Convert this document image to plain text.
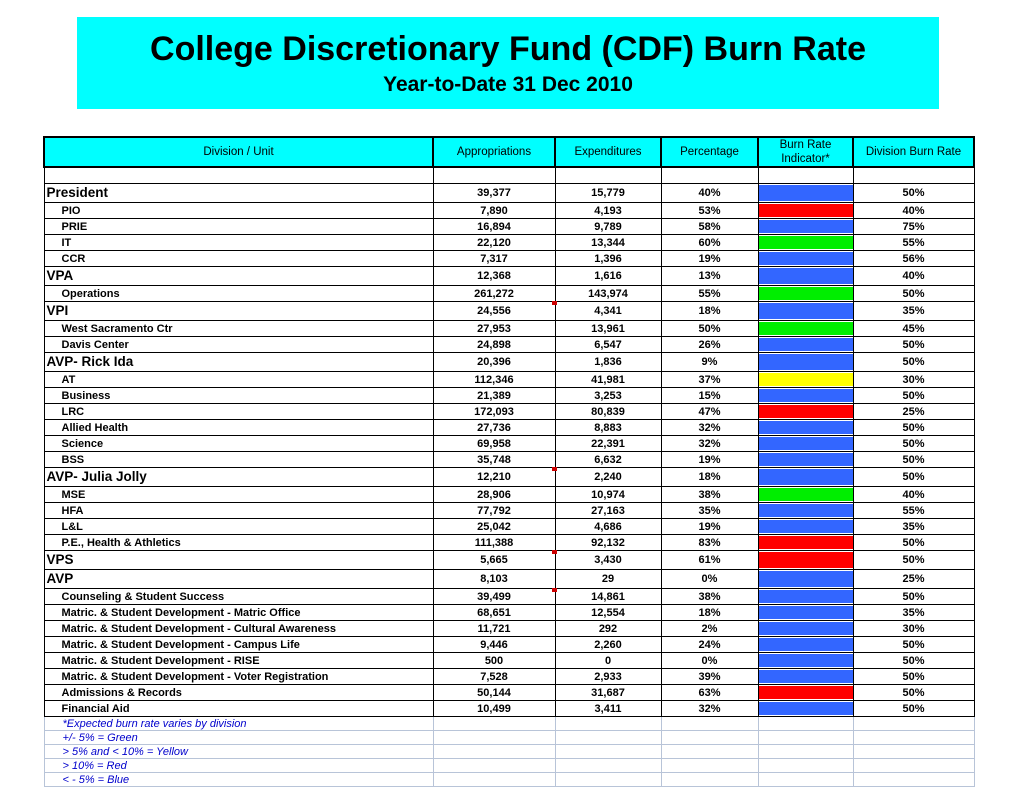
College Discretionary Fund (CDF) Burn Rate
Year-to-Date 31 Dec 2010
Division / Unit	Appropriations	Expenditures	Percentage	Burn Rate Indicator*	Division Burn Rate

President	39,377	15,779	40%		50%
PIO	7,890	4,193	53%		40%
PRIE	16,894	9,789	58%		75%
IT	22,120	13,344	60%		55%
CCR	7,317	1,396	19%		56%
VPA	12,368	1,616	13%		40%
Operations	261,272	143,974	55%		50%
VPI	24,556	4,341	18%		35%
West Sacramento Ctr	27,953	13,961	50%		45%
Davis Center	24,898	6,547	26%		50%
AVP- Rick Ida	20,396	1,836	9%		50%
AT	112,346	41,981	37%		30%
Business	21,389	3,253	15%		50%
LRC	172,093	80,839	47%		25%
Allied Health	27,736	8,883	32%		50%
Science	69,958	22,391	32%		50%
BSS	35,748	6,632	19%		50%
AVP- Julia Jolly	12,210	2,240	18%		50%
MSE	28,906	10,974	38%		40%
HFA	77,792	27,163	35%		55%
L&L	25,042	4,686	19%		35%
P.E., Health & Athletics	111,388	92,132	83%		50%
VPS	5,665	3,430	61%		50%
AVP	8,103	29	0%		25%
Counseling & Student Success	39,499	14,861	38%		50%
Matric. & Student Development - Matric Office	68,651	12,554	18%		35%
Matric. & Student Development - Cultural Awareness	11,721	292	2%		30%
Matric. & Student Development - Campus Life	9,446	2,260	24%		50%
Matric. & Student Development - RISE	500	0	0%		50%
Matric. & Student Development - Voter Registration	7,528	2,933	39%		50%
Admissions & Records	50,144	31,687	63%		50%
Financial Aid	10,499	3,411	32%		50%
*Expected burn rate varies by division					
+/- 5% = Green					
> 5% and < 10% = Yellow					
> 10% = Red					
< - 5% = Blue					
